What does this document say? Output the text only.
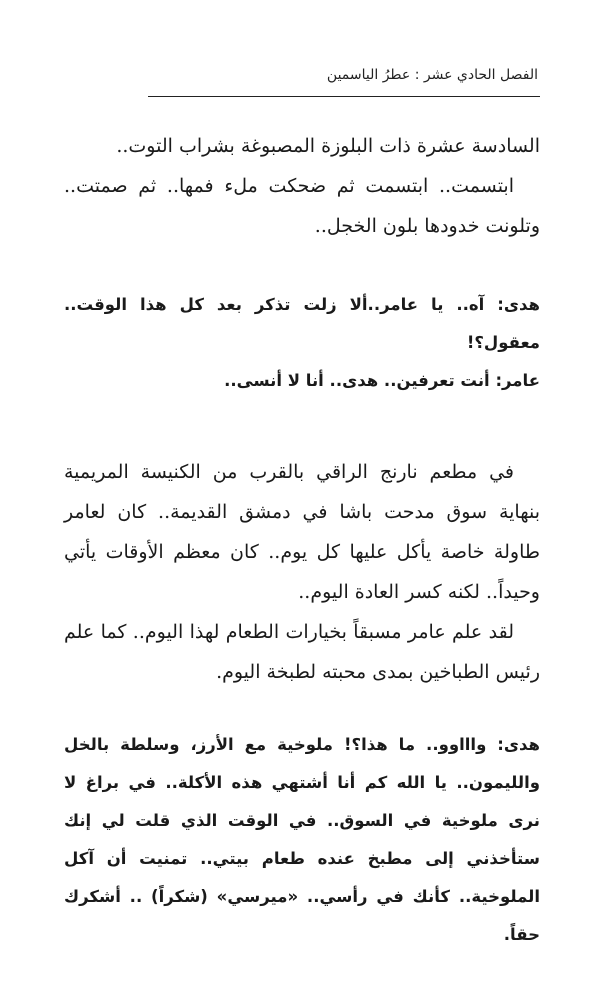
الفصل الحادي عشر : عطرُ الياسمين

السادسة عشرة ذات البلوزة المصبوغة بشراب التوت..

ابتسمت.. ابتسمت ثم ضحكت ملء فمها.. ثم صمتت.. وتلونت خدودها بلون الخجل..

هدى: آه.. يا عامر..ألا زلت تذكر بعد كل هذا الوقت.. معقول؟!

عامر: أنت تعرفين.. هدى.. أنا لا أنسى..

في مطعم نارنج الراقي بالقرب من الكنيسة المريمية بنهاية سوق مدحت باشا في دمشق القديمة.. كان لعامر طاولة خاصة يأكل عليها كل يوم.. كان معظم الأوقات يأتي وحيداً.. لكنه كسر العادة اليوم..

لقد علم عامر مسبقاً بخيارات الطعام لهذا اليوم.. كما علم رئيس الطباخين بمدى محبته لطبخة اليوم.

هدى: واااوو.. ما هذا؟! ملوخية مع الأرز، وسلطة بالخل والليمون.. يا الله كم أنا أشتهي هذه الأكلة.. في براغ لا نرى ملوخية في السوق.. في الوقت الذي قلت لي إنك ستأخذني إلى مطبخ عنده طعام بيتي.. تمنيت أن آكل الملوخية.. كأنك في رأسي.. «ميرسي» (شكراً) .. أشكرك حقاً.
